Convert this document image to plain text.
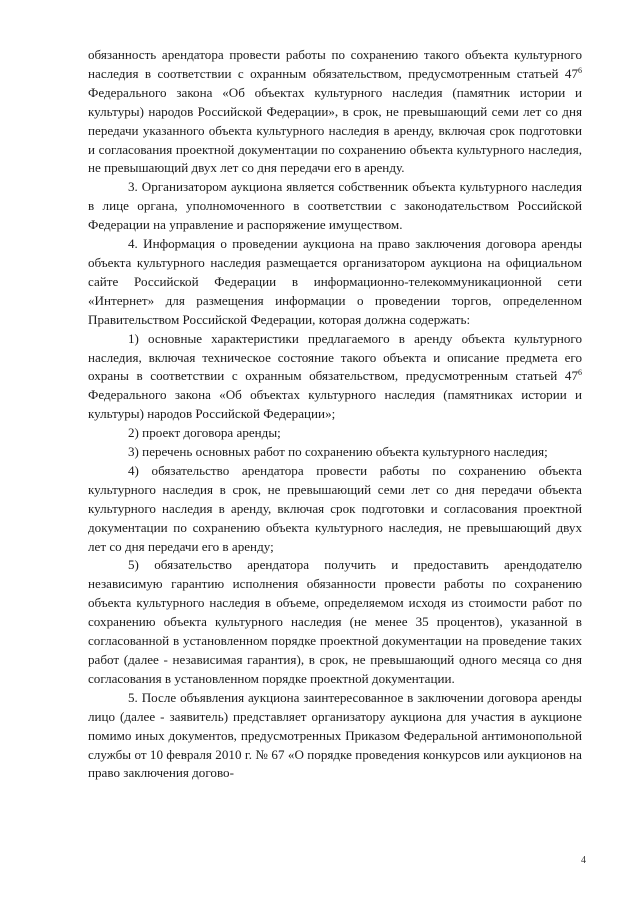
обязанность арендатора провести работы по сохранению такого объекта культурного наследия в соответствии с охранным обязательством, предусмотренным статьей $47^6$ Федерального закона «Об объектах культурного наследия (памятник истории и культуры) народов Российской Федерации», в срок, не превышающий семи лет со дня передачи указанного объекта культурного наследия в аренду, включая срок подготовки и согласования проектной документации по сохранению объекта культурного наследия, не превышающий двух лет со дня передачи его в аренду.

3. Организатором аукциона является собственник объекта культурного наследия в лице органа, уполномоченного в соответствии с законодательством Российской Федерации на управление и распоряжение имуществом.

4. Информация о проведении аукциона на право заключения договора аренды объекта культурного наследия размещается организатором аукциона на официальном сайте Российской Федерации в информационно-телекоммуникационной сети «Интернет» для размещения информации о проведении торгов, определенном Правительством Российской Федерации, которая должна содержать:

1) основные характеристики предлагаемого в аренду объекта культурного наследия, включая техническое состояние такого объекта и описание предмета его охраны в соответствии с охранным обязательством, предусмотренным статьей $47^6$ Федерального закона «Об объектах культурного наследия (памятниках истории и культуры) народов Российской Федерации»;

2) проект договора аренды;

3) перечень основных работ по сохранению объекта культурного наследия;

4) обязательство арендатора провести работы по сохранению объекта культурного наследия в срок, не превышающий семи лет со дня передачи объекта культурного наследия в аренду, включая срок подготовки и согласования проектной документации по сохранению объекта культурного наследия, не превышающий двух лет со дня передачи его в аренду;

5) обязательство арендатора получить и предоставить арендодателю независимую гарантию исполнения обязанности провести работы по сохранению объекта культурного наследия в объеме, определяемом исходя из стоимости работ по сохранению объекта культурного наследия (не менее 35 процентов), указанной в согласованной в установленном порядке проектной документации на проведение таких работ (далее - независимая гарантия), в срок, не превышающий одного месяца со дня согласования в установленном порядке проектной документации.

5. После объявления аукциона заинтересованное в заключении договора аренды лицо (далее - заявитель) представляет организатору аукциона для участия в аукционе помимо иных документов, предусмотренных Приказом Федеральной антимонопольной службы от 10 февраля 2010 г. № 67 «О порядке проведения конкурсов или аукционов на право заключения догово-

4
